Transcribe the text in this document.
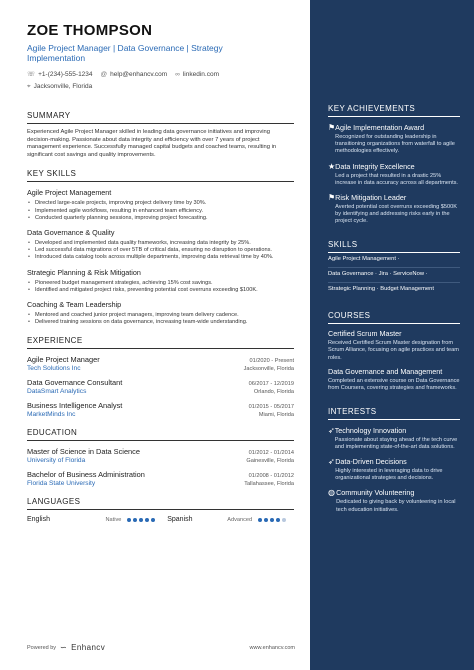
ZOE THOMPSON
Agile Project Manager | Data Governance | Strategy Implementation
☏ +1-(234)-555-1234 @ help@enhancv.com ∞ linkedin.com
⌖ Jacksonville, Florida
SUMMARY
Experienced Agile Project Manager skilled in leading data governance initiatives and improving decision-making. Passionate about data integrity and efficiency with over 7 years of project management experience. Successfully managed capital budgets and coached teams, resulting in significant cost savings and quality improvements.
KEY SKILLS
Agile Project Management
• Directed large-scale projects, improving project delivery time by 30%.
• Implemented agile workflows, resulting in enhanced team efficiency.
• Conducted quarterly planning sessions, improving project forecasting.
Data Governance & Quality
• Developed and implemented data quality frameworks, increasing data integrity by 25%.
• Led successful data migrations of over 5TB of critical data, ensuring no disruption to operations.
• Introduced data catalog tools across multiple departments, improving data retrieval time by 40%.
Strategic Planning & Risk Mitigation
• Pioneered budget management strategies, achieving 15% cost savings.
• Identified and mitigated project risks, preventing potential cost overruns exceeding $100K.
Coaching & Team Leadership
• Mentored and coached junior project managers, improving team delivery cadence.
• Delivered training sessions on data governance, increasing team-wide understanding.
EXPERIENCE
Agile Project Manager	01/2020 - Present
Tech Solutions Inc	Jacksonville, Florida
Data Governance Consultant	06/2017 - 12/2019
DataSmart Analytics	Orlando, Florida
Business Intelligence Analyst	01/2015 - 05/2017
MarketMinds Inc	Miami, Florida
EDUCATION
Master of Science in Data Science	01/2012 - 01/2014
University of Florida	Gainesville, Florida
Bachelor of Business Administration	01/2008 - 01/2012
Florida State University	Tallahassee, Florida
LANGUAGES
English	Native	Spanish	Advanced
KEY ACHIEVEMENTS
⚑ Agile Implementation Award
Recognized for outstanding leadership in transitioning organizations from waterfall to agile methodologies effectively.
★ Data Integrity Excellence
Led a project that resulted in a drastic 25% increase in data accuracy across all departments.
⚑ Risk Mitigation Leader
Averted potential cost overruns exceeding $500K by identifying and addressing risks early in the project cycle.
SKILLS
Agile Project Management ·
Data Governance · Jira · ServiceNow ·
Strategic Planning · Budget Management
COURSES
Certified Scrum Master
Received Certified Scrum Master designation from Scrum Alliance, focusing on agile practices and team roles.
Data Governance and Management
Completed an extensive course on Data Governance from Coursera, covering strategies and frameworks.
INTERESTS
➶ Technology Innovation
Passionate about staying ahead of the tech curve and implementing state-of-the-art data solutions.
➶ Data-Driven Decisions
Highly interested in leveraging data to drive organizational strategies and decisions.
◍ Community Volunteering
Dedicated to giving back by volunteering in local tech education initiatives.
Powered by ∽ Enhancv	www.enhancv.com
